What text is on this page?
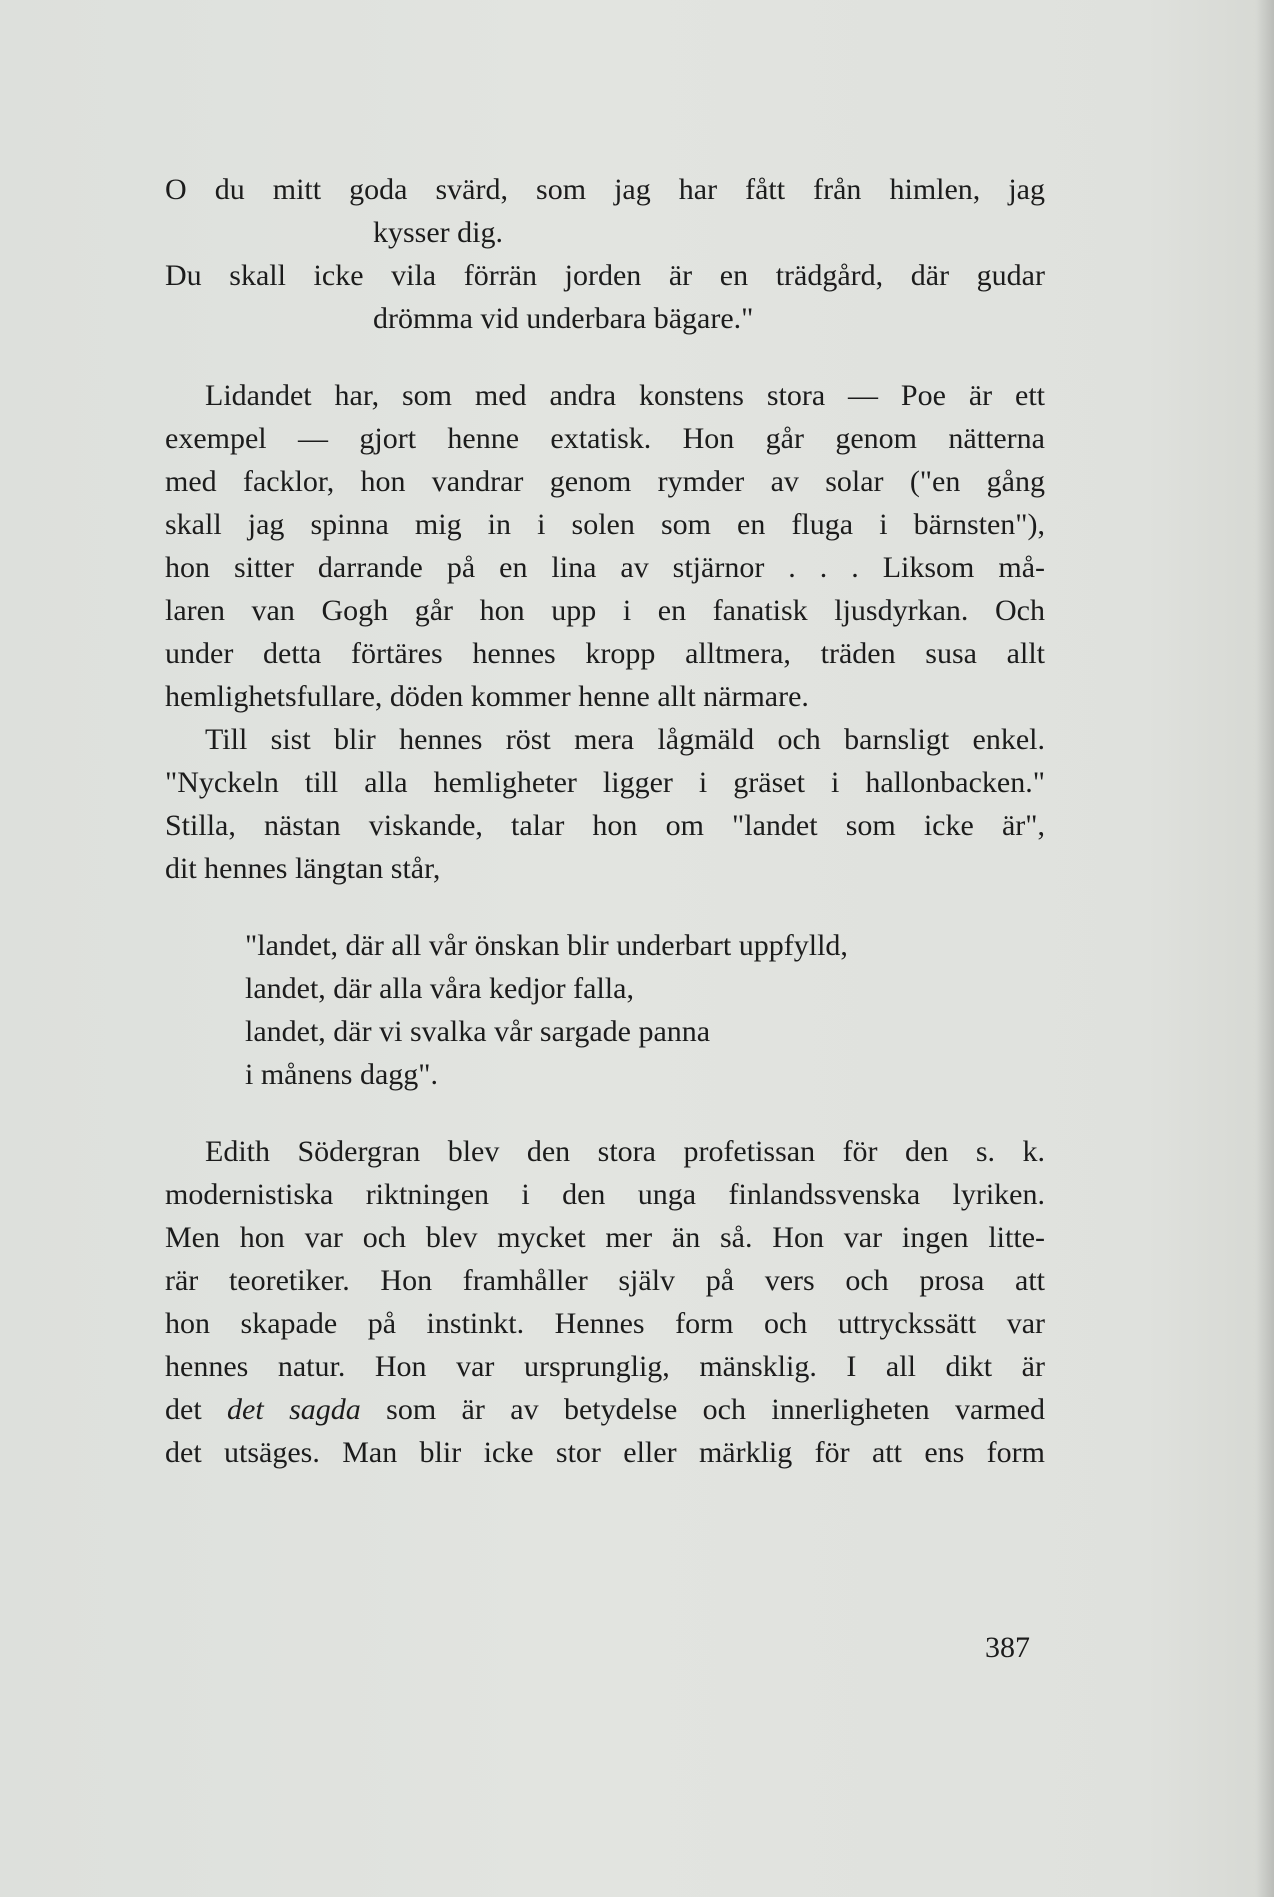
O du mitt goda svärd, som jag har fått från himlen, jag
kysser dig.
Du skall icke vila förrän jorden är en trädgård, där gudar
drömma vid underbara bägare."
Lidandet har, som med andra konstens stora — Poe är ett
exempel — gjort henne extatisk. Hon går genom nätterna
med facklor, hon vandrar genom rymder av solar ("en gång
skall jag spinna mig in i solen som en fluga i bärnsten"),
hon sitter darrande på en lina av stjärnor . . . Liksom må-
laren van Gogh går hon upp i en fanatisk ljusdyrkan. Och
under detta förtäres hennes kropp alltmera, träden susa allt
hemlighetsfullare, döden kommer henne allt närmare.
Till sist blir hennes röst mera lågmäld och barnsligt enkel.
"Nyckeln till alla hemligheter ligger i gräset i hallonbacken."
Stilla, nästan viskande, talar hon om "landet som icke är",
dit hennes längtan står,
"landet, där all vår önskan blir underbart uppfylld,
landet, där alla våra kedjor falla,
landet, där vi svalka vår sargade panna
i månens dagg".
Edith Södergran blev den stora profetissan för den s. k.
modernistiska riktningen i den unga finlandssvenska lyriken.
Men hon var och blev mycket mer än så. Hon var ingen litte-
rär teoretiker. Hon framhåller själv på vers och prosa att
hon skapade på instinkt. Hennes form och uttryckssätt var
hennes natur. Hon var ursprunglig, mänsklig. I all dikt är
det det sagda som är av betydelse och innerligheten varmed
det utsäges. Man blir icke stor eller märklig för att ens form
387
